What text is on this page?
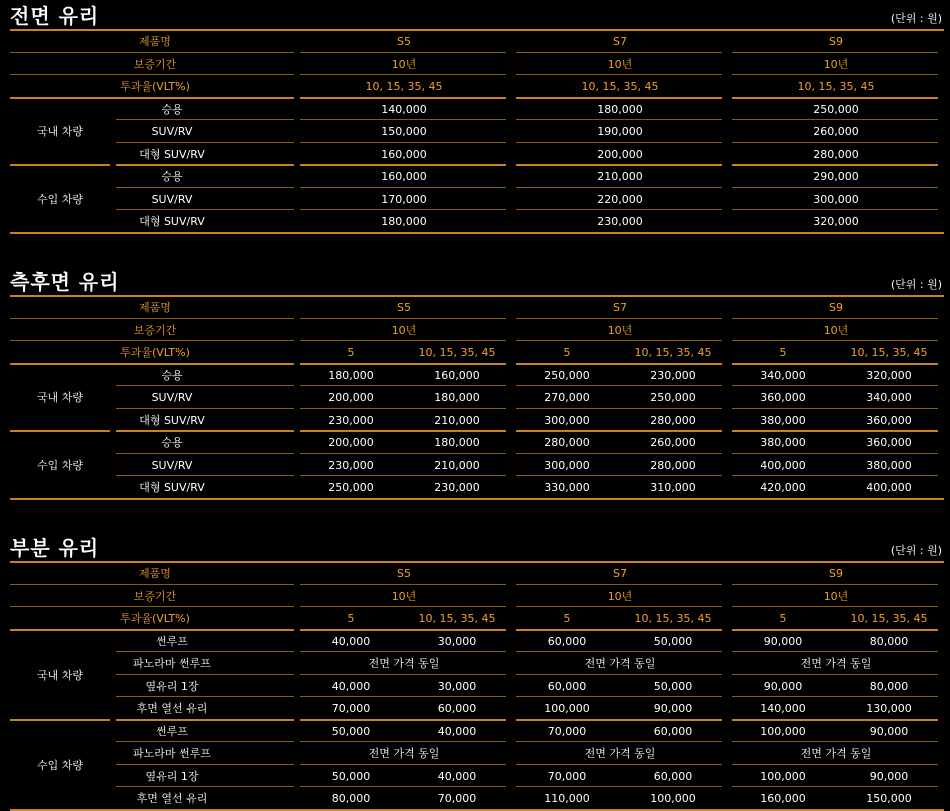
전면 유리	(단위 : 원)
제품명	S5	S7	S9
보증기간	10년	10년	10년
투과율(VLT%)	10, 15, 35, 45	10, 15, 35, 45	10, 15, 35, 45
국내 차량
승용	140,000	180,000	250,000
SUV/RV	150,000	190,000	260,000
대형 SUV/RV	160,000	200,000	280,000
수입 차량
승용	160,000	210,000	290,000
SUV/RV	170,000	220,000	300,000
대형 SUV/RV	180,000	230,000	320,000
측후면 유리	(단위 : 원)
제품명	S5	S7	S9
보증기간	10년	10년	10년
투과율(VLT%)	5	10, 15, 35, 45	5	10, 15, 35, 45	5	10, 15, 35, 45
국내 차량
승용	180,000	160,000	250,000	230,000	340,000	320,000
SUV/RV	200,000	180,000	270,000	250,000	360,000	340,000
대형 SUV/RV	230,000	210,000	300,000	280,000	380,000	360,000
수입 차량
승용	200,000	180,000	280,000	260,000	380,000	360,000
SUV/RV	230,000	210,000	300,000	280,000	400,000	380,000
대형 SUV/RV	250,000	230,000	330,000	310,000	420,000	400,000
부분 유리	(단위 : 원)
제품명	S5	S7	S9
보증기간	10년	10년	10년
투과율(VLT%)	5	10, 15, 35, 45	5	10, 15, 35, 45	5	10, 15, 35, 45
국내 차량
썬루프	40,000	30,000	60,000	50,000	90,000	80,000
파노라마 썬루프	전면 가격 동일	전면 가격 동일	전면 가격 동일
옆유리 1장	40,000	30,000	60,000	50,000	90,000	80,000
후면 열선 유리	70,000	60,000	100,000	90,000	140,000	130,000
수입 차량
썬루프	50,000	40,000	70,000	60,000	100,000	90,000
파노라마 썬루프	전면 가격 동일	전면 가격 동일	전면 가격 동일
옆유리 1장	50,000	40,000	70,000	60,000	100,000	90,000
후면 열선 유리	80,000	70,000	110,000	100,000	160,000	150,000
